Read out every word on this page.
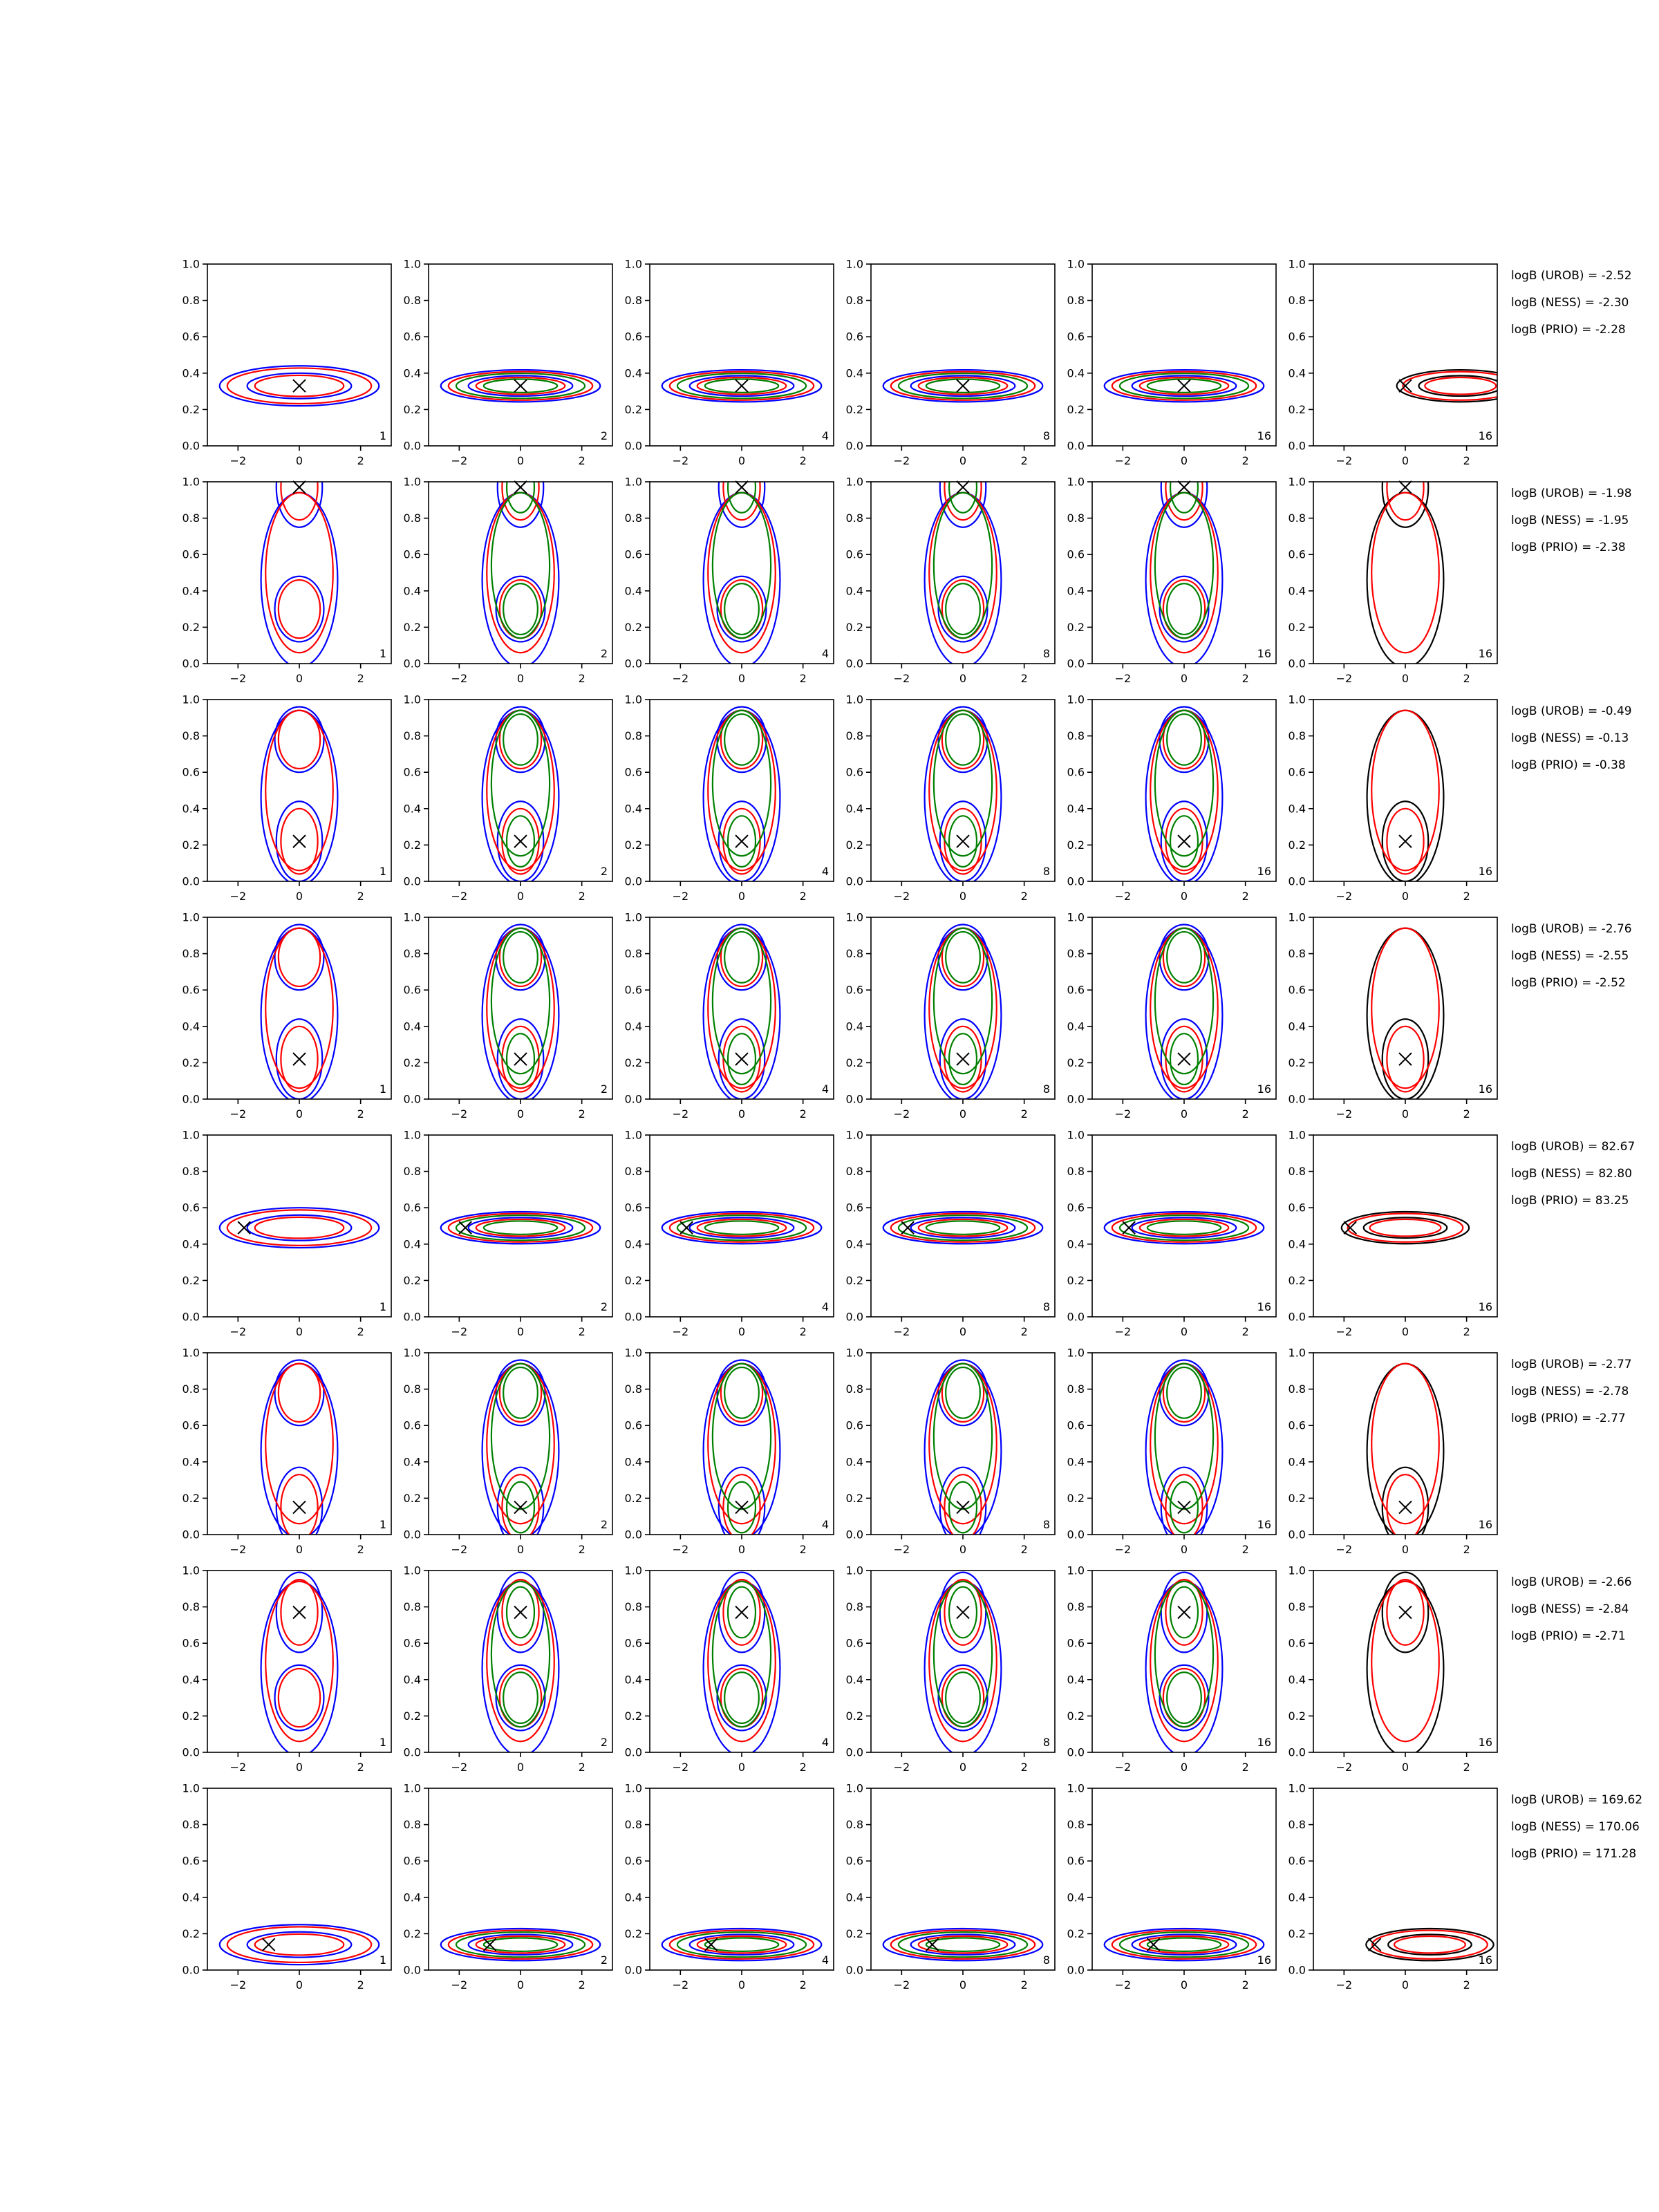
−2	0	2
0.0
0.2
0.4
0.6
0.8
1.0
1
−2	0	2
0.0
0.2
0.4
0.6
0.8
1.0
2
−2	0	2
0.0
0.2
0.4
0.6
0.8
1.0
4
−2	0	2
0.0
0.2
0.4
0.6
0.8
1.0
8
−2	0	2
0.0
0.2
0.4
0.6
0.8
1.0
16
−2	0	2
0.0
0.2
0.4
0.6
0.8
1.0
16
logB (UROB) = -2.52
logB (NESS) = -2.30
logB (PRIO) = -2.28
−2	0	2
0.0
0.2
0.4
0.6
0.8
1.0
1
−2	0	2
0.0
0.2
0.4
0.6
0.8
1.0
2
−2	0	2
0.0
0.2
0.4
0.6
0.8
1.0
4
−2	0	2
0.0
0.2
0.4
0.6
0.8
1.0
8
−2	0	2
0.0
0.2
0.4
0.6
0.8
1.0
16
−2	0	2
0.0
0.2
0.4
0.6
0.8
1.0
16
logB (UROB) = -1.98
logB (NESS) = -1.95
logB (PRIO) = -2.38
−2	0	2
0.0
0.2
0.4
0.6
0.8
1.0
1
−2	0	2
0.0
0.2
0.4
0.6
0.8
1.0
2
−2	0	2
0.0
0.2
0.4
0.6
0.8
1.0
4
−2	0	2
0.0
0.2
0.4
0.6
0.8
1.0
8
−2	0	2
0.0
0.2
0.4
0.6
0.8
1.0
16
−2	0	2
0.0
0.2
0.4
0.6
0.8
1.0
16
logB (UROB) = -0.49
logB (NESS) = -0.13
logB (PRIO) = -0.38
−2	0	2
0.0
0.2
0.4
0.6
0.8
1.0
1
−2	0	2
0.0
0.2
0.4
0.6
0.8
1.0
2
−2	0	2
0.0
0.2
0.4
0.6
0.8
1.0
4
−2	0	2
0.0
0.2
0.4
0.6
0.8
1.0
8
−2	0	2
0.0
0.2
0.4
0.6
0.8
1.0
16
−2	0	2
0.0
0.2
0.4
0.6
0.8
1.0
16
logB (UROB) = -2.76
logB (NESS) = -2.55
logB (PRIO) = -2.52
−2	0	2
0.0
0.2
0.4
0.6
0.8
1.0
1
−2	0	2
0.0
0.2
0.4
0.6
0.8
1.0
2
−2	0	2
0.0
0.2
0.4
0.6
0.8
1.0
4
−2	0	2
0.0
0.2
0.4
0.6
0.8
1.0
8
−2	0	2
0.0
0.2
0.4
0.6
0.8
1.0
16
−2	0	2
0.0
0.2
0.4
0.6
0.8
1.0
16
logB (UROB) = 82.67
logB (NESS) = 82.80
logB (PRIO) = 83.25
−2	0	2
0.0
0.2
0.4
0.6
0.8
1.0
1
−2	0	2
0.0
0.2
0.4
0.6
0.8
1.0
2
−2	0	2
0.0
0.2
0.4
0.6
0.8
1.0
4
−2	0	2
0.0
0.2
0.4
0.6
0.8
1.0
8
−2	0	2
0.0
0.2
0.4
0.6
0.8
1.0
16
−2	0	2
0.0
0.2
0.4
0.6
0.8
1.0
16
logB (UROB) = -2.77
logB (NESS) = -2.78
logB (PRIO) = -2.77
−2	0	2
0.0
0.2
0.4
0.6
0.8
1.0
1
−2	0	2
0.0
0.2
0.4
0.6
0.8
1.0
2
−2	0	2
0.0
0.2
0.4
0.6
0.8
1.0
4
−2	0	2
0.0
0.2
0.4
0.6
0.8
1.0
8
−2	0	2
0.0
0.2
0.4
0.6
0.8
1.0
16
−2	0	2
0.0
0.2
0.4
0.6
0.8
1.0
16
logB (UROB) = -2.66
logB (NESS) = -2.84
logB (PRIO) = -2.71
−2	0	2
0.0
0.2
0.4
0.6
0.8
1.0
1
−2	0	2
0.0
0.2
0.4
0.6
0.8
1.0
2
−2	0	2
0.0
0.2
0.4
0.6
0.8
1.0
4
−2	0	2
0.0
0.2
0.4
0.6
0.8
1.0
8
−2	0	2
0.0
0.2
0.4
0.6
0.8
1.0
16
−2	0	2
0.0
0.2
0.4
0.6
0.8
1.0
16
logB (UROB) = 169.62
logB (NESS) = 170.06
logB (PRIO) = 171.28
